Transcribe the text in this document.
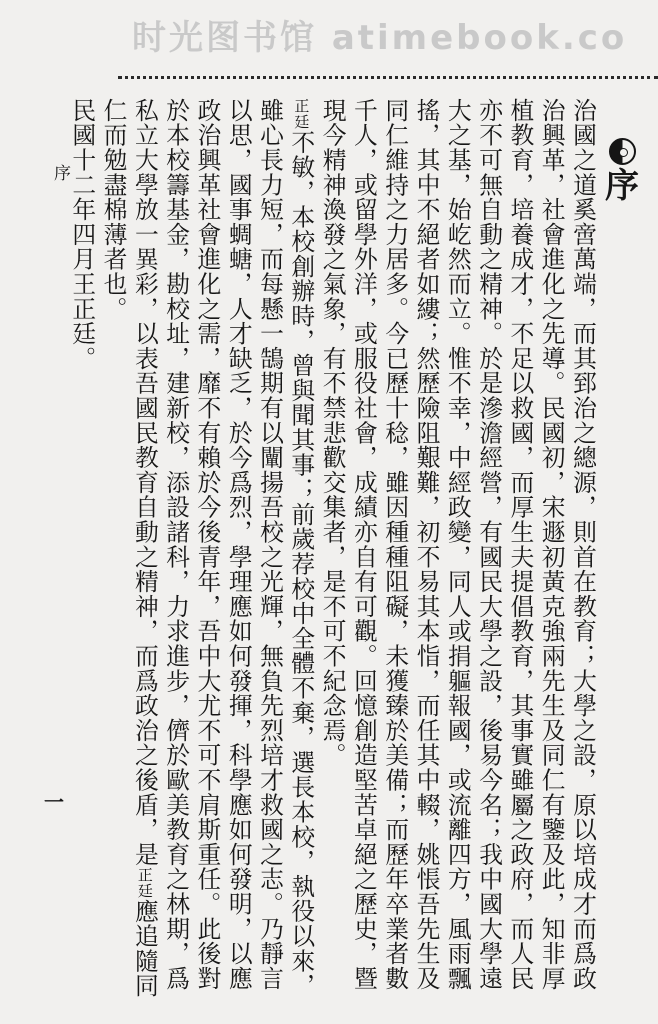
时光图书馆 atimebook.co
序

治國之道奚啻萬端，而其郅治之總源，則首在教育；大學之設，原以培成才而爲政治興革，社會進化之先導。民國初，宋遯初黃克強兩先生及同仁有鑒及此，知非厚植教育，培養成才，不足以救國，而厚生夫提倡教育，其事實雖屬之政府，而人民亦不可無自動之精神。於是滲澹經營，有國民大學之設，後易今名；我中國大學遠大之基，始屹然而立。惟不幸，中經政變，同人或捐軀報國，或流離四方，風雨飄搖，其中不絕者如縷；然歷險阻艱難，初不易其本恉，而任其中輟，姚悵吾先生及同仁維持之力居多。今已歷十稔，雖因種種阻礙，未獲臻於美備；而歷年卒業者數千人，或留學外洋，或服役社會，成績亦自有可觀。回憶創造堅苦卓絕之歷史，暨現今精神渙發之氣象，有不禁悲歡交集者，是不可不紀念焉。

$^{正廷}$不敏，本校創辦時，曾與聞其事；前歲荐校中全體不棄，選長本校，執役以來，雖心長力短，而每懸一鵠期有以闡揚吾校之光輝，無負先烈培才救國之志。乃靜言以思，國事蜩螗，人才缺乏，於今爲烈，學理應如何發揮，科學應如何發明，以應政治興革社會進化之需，靡不有賴於今後青年，吾中大尤不可不肩斯重任。此後對於本校籌基金，勘校址，建新校，添設諸科，力求進步，儕於歐美教育之林期，爲私立大學放一異彩，以表吾國民教育自動之精神，而爲政治之後盾，是$^{正廷}$應追隨同仁而勉盡棉薄者也。

民國十二年四月王正廷。

序
一
